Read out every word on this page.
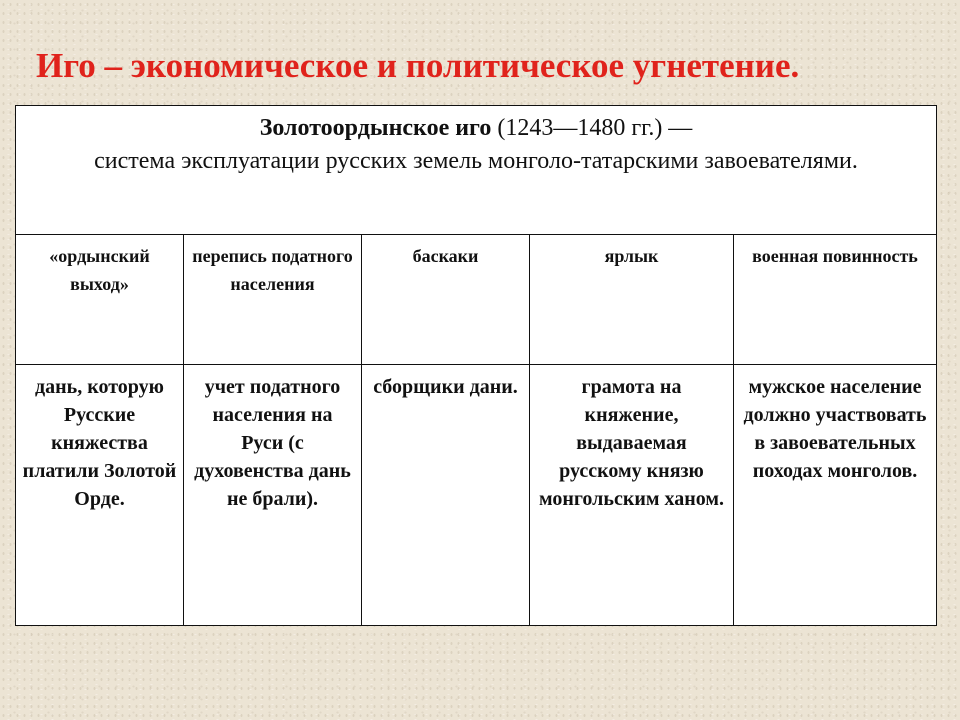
Иго – экономическое и политическое угнетение.
Золотоордынское иго (1243—1480 гг.) —
система эксплуатации русских земель монголо-татарскими завоевателями.				

«ордынский выход»	перепись податного населения	баскаки	ярлык	военная повинность

дань, которую Русские княжества платили Золотой Орде.	учет податного населения на Руси (с духовенства дань не брали).	сборщики дани.	грамота на княжение, выдаваемая русскому князю монгольским ханом.	мужское население должно участвовать в завоевательных походах монголов.
